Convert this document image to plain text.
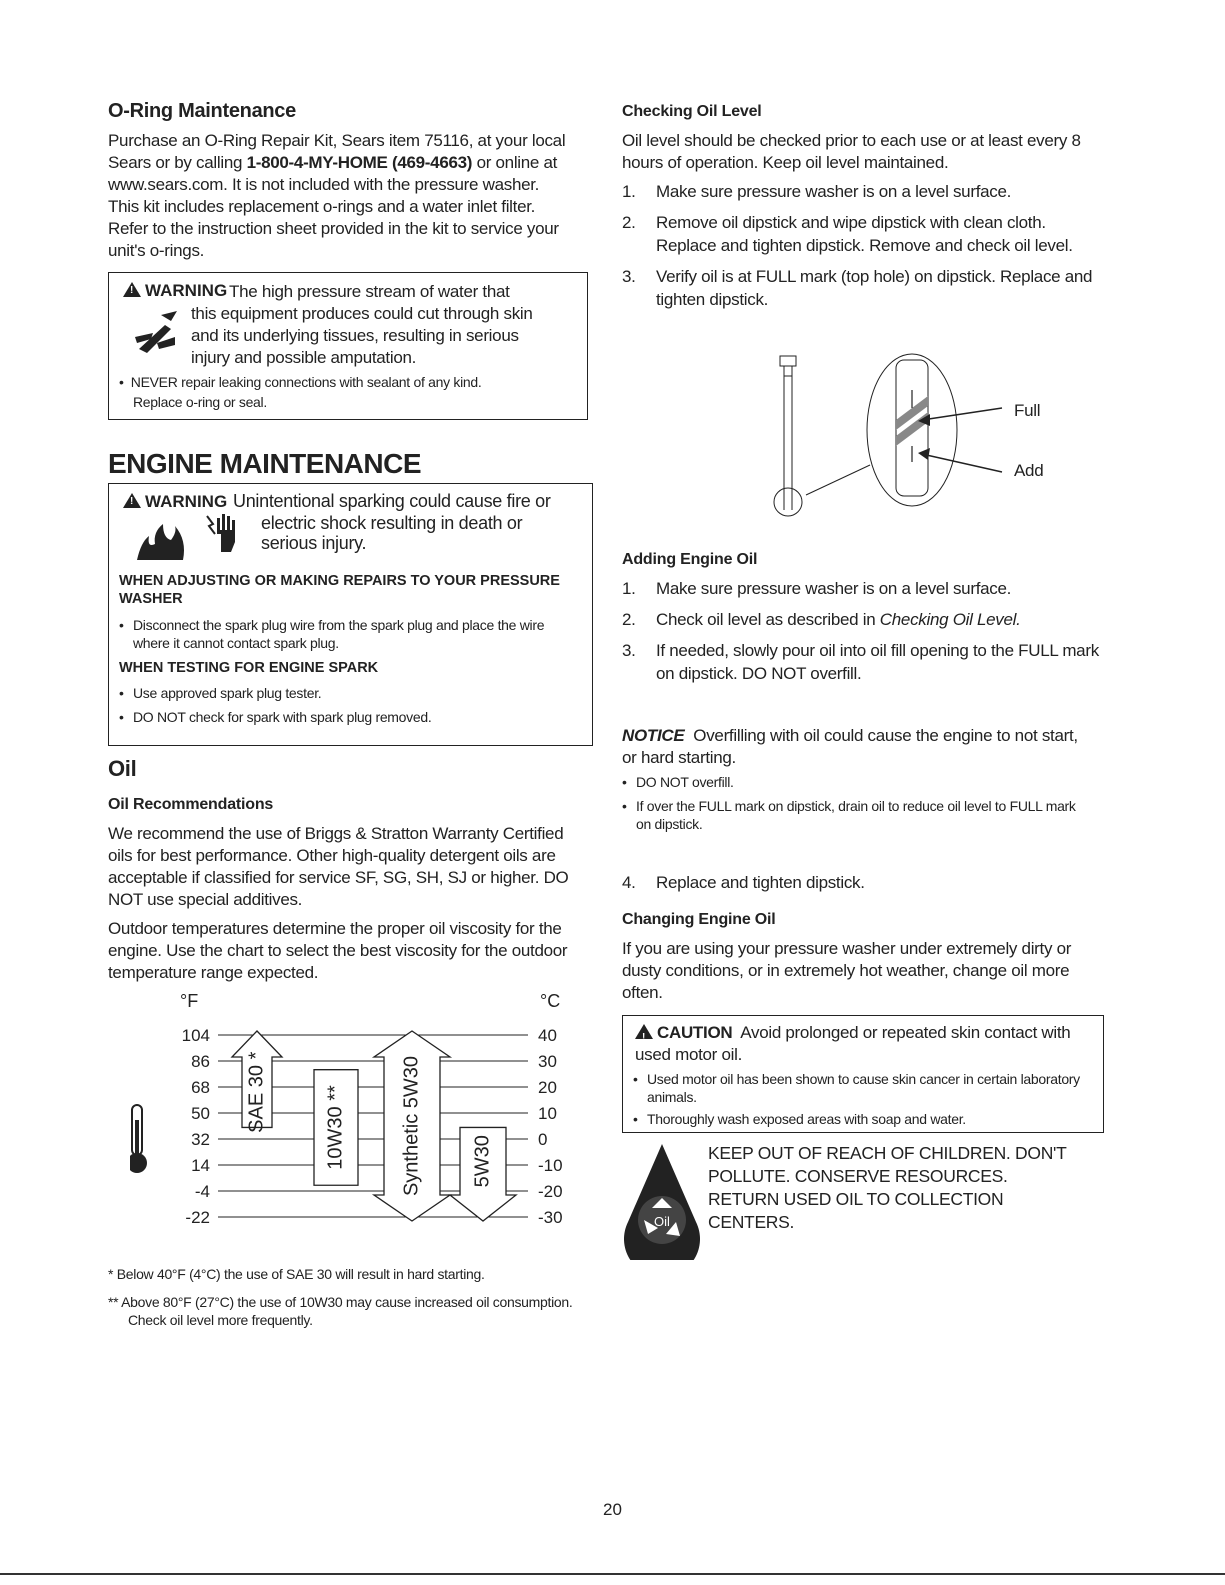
O-Ring Maintenance
Purchase an O-Ring Repair Kit, Sears item 75116, at your local
Sears or by calling 1-800-4-MY-HOME (469-4663) or online at
www.sears.com. It is not included with the pressure washer.
This kit includes replacement o-rings and a water inlet filter.
Refer to the instruction sheet provided in the kit to service your
unit's o-rings.
!WARNING The high pressure stream of water that
this equipment produces could cut through skin
and its underlying tissues, resulting in serious
injury and possible amputation.
•  NEVER repair leaking connections with sealant of any kind.
Replace o-ring or seal.
ENGINE MAINTENANCE
!WARNING Unintentional sparking could cause fire or
electric shock resulting in death or
serious injury.
WHEN ADJUSTING OR MAKING REPAIRS TO YOUR PRESSURE WASHER
• Disconnect the spark plug wire from the spark plug and place the wire where it cannot contact spark plug.
WHEN TESTING FOR ENGINE SPARK
• Use approved spark plug tester.
• DO NOT check for spark with spark plug removed.
Oil
Oil Recommendations
We recommend the use of Briggs & Stratton Warranty Certified oils for best performance. Other high-quality detergent oils are acceptable if classified for service SF, SG, SH, SJ or higher. DO NOT use special additives.
Outdoor temperatures determine the proper oil viscosity for the engine. Use the chart to select the best viscosity for the outdoor temperature range expected.
°F	°C
104	40
86	30
68	20
50	10
32	0
14	-10
-4	-20
-22	-30
SAE 30 *	10W30 **	Synthetic 5W30 5W30
* Below 40°F (4°C) the use of SAE 30 will result in hard starting.
** Above 80°F (27°C) the use of 10W30 may cause increased oil consumption. Check oil level more frequently.
Checking Oil Level
Oil level should be checked prior to each use or at least every 8 hours of operation. Keep oil level maintained.
1. Make sure pressure washer is on a level surface.
2. Remove oil dipstick and wipe dipstick with clean cloth. Replace and tighten dipstick. Remove and check oil level.
3. Verify oil is at FULL mark (top hole) on dipstick. Replace and tighten dipstick.
Full
Add
Adding Engine Oil
1. Make sure pressure washer is on a level surface.
2. Check oil level as described in Checking Oil Level.
3. If needed, slowly pour oil into oil fill opening to the FULL mark on dipstick. DO NOT overfill.
NOTICE Overfilling with oil could cause the engine to not start, or hard starting.
• DO NOT overfill.
• If over the FULL mark on dipstick, drain oil to reduce oil level to FULL mark on dipstick.
4. Replace and tighten dipstick.
Changing Engine Oil
If you are using your pressure washer under extremely dirty or dusty conditions, or in extremely hot weather, change oil more often.
!CAUTION Avoid prolonged or repeated skin contact with used motor oil.
• Used motor oil has been shown to cause skin cancer in certain laboratory animals.
• Thoroughly wash exposed areas with soap and water.
Oil
KEEP OUT OF REACH OF CHILDREN. DON'T POLLUTE. CONSERVE RESOURCES. RETURN USED OIL TO COLLECTION CENTERS.
20
